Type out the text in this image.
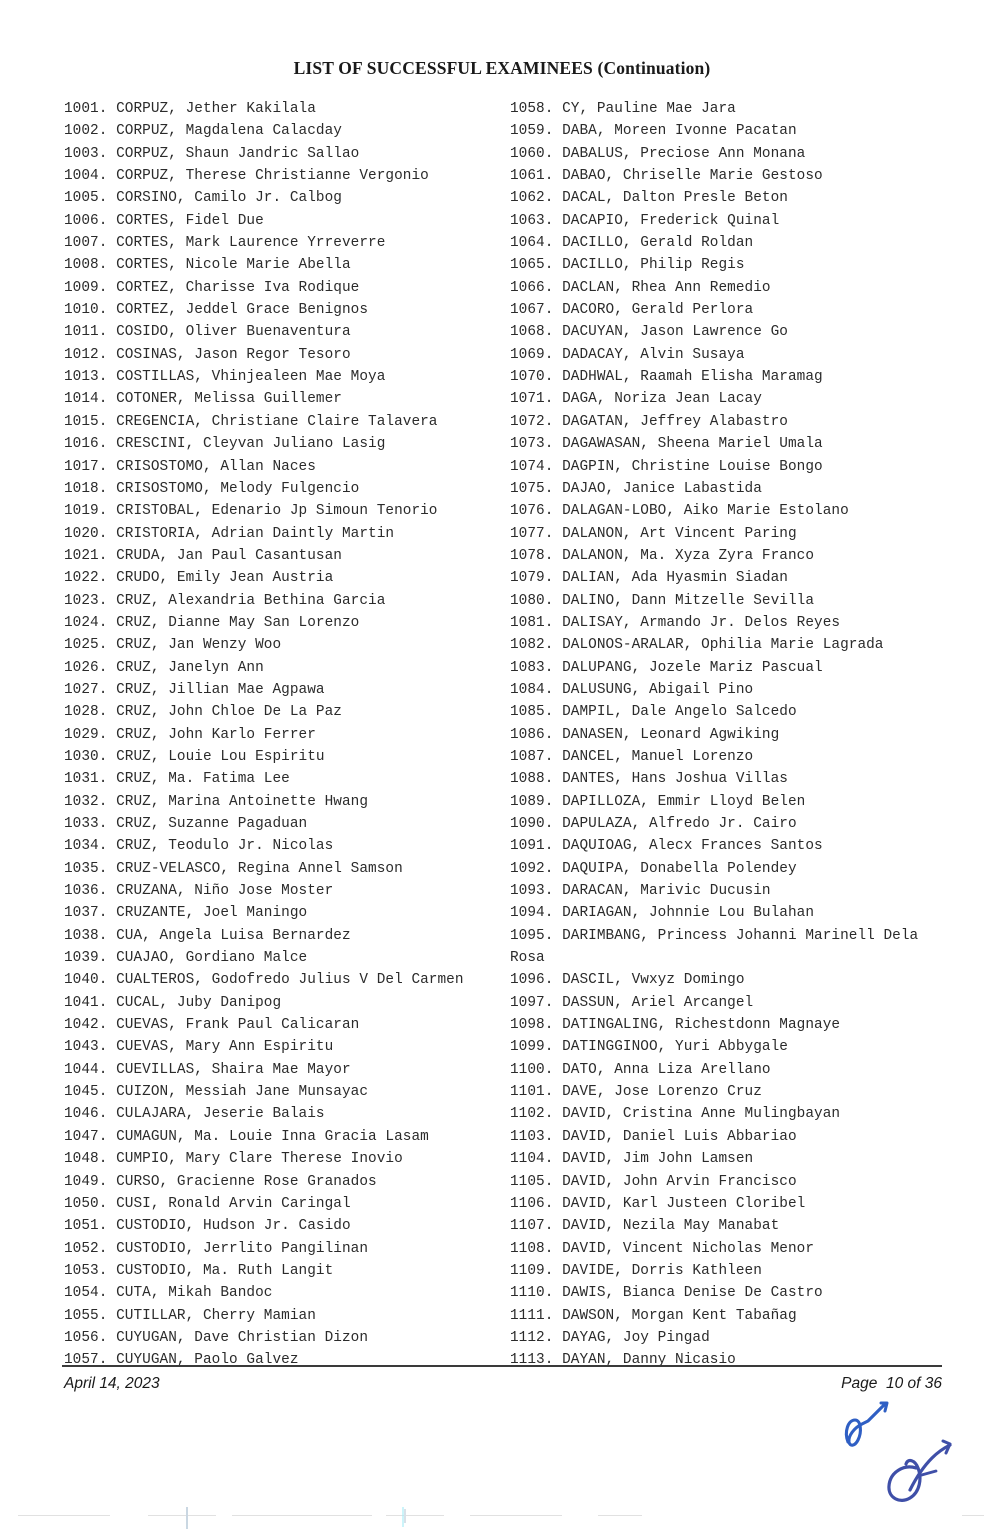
LIST OF SUCCESSFUL EXAMINEES (Continuation)
1001. CORPUZ, Jether Kakilala
1002. CORPUZ, Magdalena Calacday
1003. CORPUZ, Shaun Jandric Sallao
1004. CORPUZ, Therese Christianne Vergonio
1005. CORSINO, Camilo Jr. Calbog
1006. CORTES, Fidel Due
1007. CORTES, Mark Laurence Yrreverre
1008. CORTES, Nicole Marie Abella
1009. CORTEZ, Charisse Iva Rodique
1010. CORTEZ, Jeddel Grace Benignos
1011. COSIDO, Oliver Buenaventura
1012. COSINAS, Jason Regor Tesoro
1013. COSTILLAS, Vhinjealeen Mae Moya
1014. COTONER, Melissa Guillemer
1015. CREGENCIA, Christiane Claire Talavera
1016. CRESCINI, Cleyvan Juliano Lasig
1017. CRISOSTOMO, Allan Naces
1018. CRISOSTOMO, Melody Fulgencio
1019. CRISTOBAL, Edenario Jp Simoun Tenorio
1020. CRISTORIA, Adrian Daintly Martin
1021. CRUDA, Jan Paul Casantusan
1022. CRUDO, Emily Jean Austria
1023. CRUZ, Alexandria Bethina Garcia
1024. CRUZ, Dianne May San Lorenzo
1025. CRUZ, Jan Wenzy Woo
1026. CRUZ, Janelyn Ann
1027. CRUZ, Jillian Mae Agpawa
1028. CRUZ, John Chloe De La Paz
1029. CRUZ, John Karlo Ferrer
1030. CRUZ, Louie Lou Espiritu
1031. CRUZ, Ma. Fatima Lee
1032. CRUZ, Marina Antoinette Hwang
1033. CRUZ, Suzanne Pagaduan
1034. CRUZ, Teodulo Jr. Nicolas
1035. CRUZ-VELASCO, Regina Annel Samson
1036. CRUZANA, Niño Jose Moster
1037. CRUZANTE, Joel Maningo
1038. CUA, Angela Luisa Bernardez
1039. CUAJAO, Gordiano Malce
1040. CUALTEROS, Godofredo Julius V Del Carmen
1041. CUCAL, Juby Danipog
1042. CUEVAS, Frank Paul Calicaran
1043. CUEVAS, Mary Ann Espiritu
1044. CUEVILLAS, Shaira Mae Mayor
1045. CUIZON, Messiah Jane Munsayac
1046. CULAJARA, Jeserie Balais
1047. CUMAGUN, Ma. Louie Inna Gracia Lasam
1048. CUMPIO, Mary Clare Therese Inovio
1049. CURSO, Gracienne Rose Granados
1050. CUSI, Ronald Arvin Caringal
1051. CUSTODIO, Hudson Jr. Casido
1052. CUSTODIO, Jerrlito Pangilinan
1053. CUSTODIO, Ma. Ruth Langit
1054. CUTA, Mikah Bandoc
1055. CUTILLAR, Cherry Mamian
1056. CUYUGAN, Dave Christian Dizon
1057. CUYUGAN, Paolo Galvez
1058. CY, Pauline Mae Jara
1059. DABA, Moreen Ivonne Pacatan
1060. DABALUS, Preciose Ann Monana
1061. DABAO, Chriselle Marie Gestoso
1062. DACAL, Dalton Presle Beton
1063. DACAPIO, Frederick Quinal
1064. DACILLO, Gerald Roldan
1065. DACILLO, Philip Regis
1066. DACLAN, Rhea Ann Remedio
1067. DACORO, Gerald Perlora
1068. DACUYAN, Jason Lawrence Go
1069. DADACAY, Alvin Susaya
1070. DADHWAL, Raamah Elisha Maramag
1071. DAGA, Noriza Jean Lacay
1072. DAGATAN, Jeffrey Alabastro
1073. DAGAWASAN, Sheena Mariel Umala
1074. DAGPIN, Christine Louise Bongo
1075. DAJAO, Janice Labastida
1076. DALAGAN-LOBO, Aiko Marie Estolano
1077. DALANON, Art Vincent Paring
1078. DALANON, Ma. Xyza Zyra Franco
1079. DALIAN, Ada Hyasmin Siadan
1080. DALINO, Dann Mitzelle Sevilla
1081. DALISAY, Armando Jr. Delos Reyes
1082. DALONOS-ARALAR, Ophilia Marie Lagrada
1083. DALUPANG, Jozele Mariz Pascual
1084. DALUSUNG, Abigail Pino
1085. DAMPIL, Dale Angelo Salcedo
1086. DANASEN, Leonard Agwiking
1087. DANCEL, Manuel Lorenzo
1088. DANTES, Hans Joshua Villas
1089. DAPILLOZA, Emmir Lloyd Belen
1090. DAPULAZA, Alfredo Jr. Cairo
1091. DAQUIOAG, Alecx Frances Santos
1092. DAQUIPA, Donabella Polendey
1093. DARACAN, Marivic Ducusin
1094. DARIAGAN, Johnnie Lou Bulahan
1095. DARIMBANG, Princess Johanni Marinell Dela Rosa
1096. DASCIL, Vwxyz Domingo
1097. DASSUN, Ariel Arcangel
1098. DATINGALING, Richestdonn Magnaye
1099. DATINGGINOO, Yuri Abbygale
1100. DATO, Anna Liza Arellano
1101. DAVE, Jose Lorenzo Cruz
1102. DAVID, Cristina Anne Mulingbayan
1103. DAVID, Daniel Luis Abbariao
1104. DAVID, Jim John Lamsen
1105. DAVID, John Arvin Francisco
1106. DAVID, Karl Justeen Cloribel
1107. DAVID, Nezila May Manabat
1108. DAVID, Vincent Nicholas Menor
1109. DAVIDE, Dorris Kathleen
1110. DAWIS, Bianca Denise De Castro
1111. DAWSON, Morgan Kent Tabañag
1112. DAYAG, Joy Pingad
1113. DAYAN, Danny Nicasio
April 14, 2023	Page  10 of 36
